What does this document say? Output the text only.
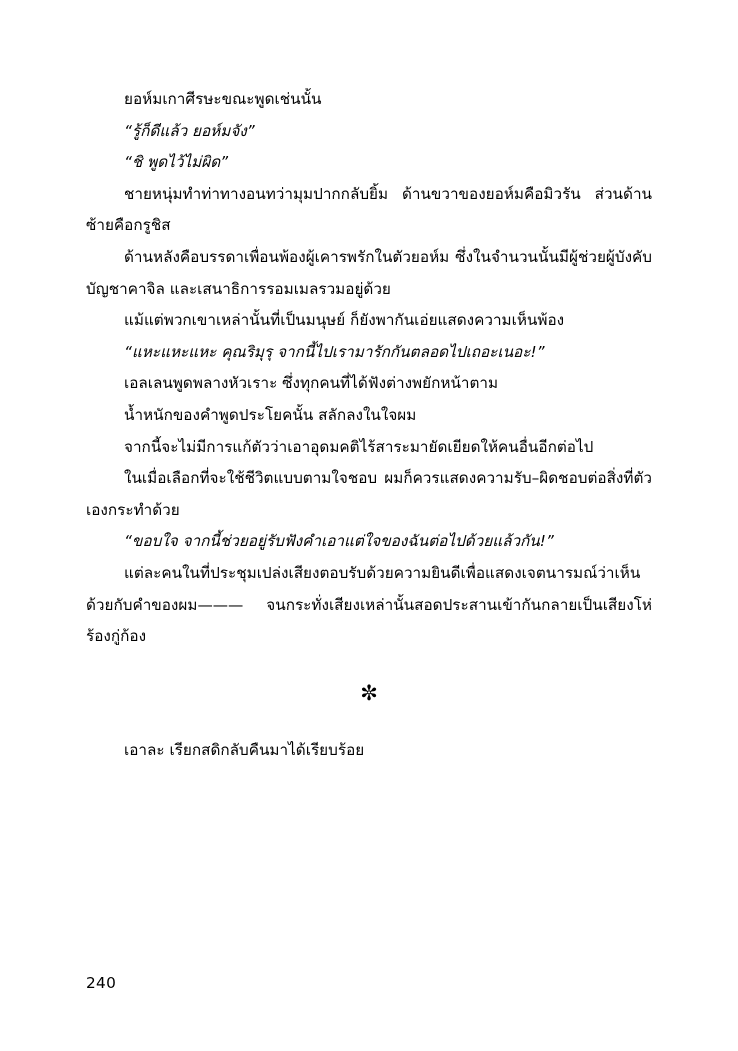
ยอห์มเกาศีรษะขณะพูดเช่นนั้น

“รู้ก็ดีแล้ว ยอห์มจัง”

“ชิ พูดไว้ไม่ผิด”

ชายหนุ่มทำท่าทางอนทว่ามุมปากกลับยิ้ม ด้านขวาของยอห์มคือมิวรัน ส่วนด้านซ้ายคือกรูชิส

ด้านหลังคือบรรดาเพื่อนพ้องผู้เคารพรักในตัวยอห์ม ซึ่งในจำนวนนั้นมีผู้ช่วยผู้บังคับบัญชาคาจิล และเสนาธิการรอมเมลรวมอยู่ด้วย

แม้แต่พวกเขาเหล่านั้นที่เป็นมนุษย์ ก็ยังพากันเอ่ยแสดงความเห็นพ้อง

“แหะแหะแหะ คุณริมุรุ จากนี้ไปเรามารักกันตลอดไปเถอะเนอะ!”

เอลเลนพูดพลางหัวเราะ ซึ่งทุกคนที่ได้ฟังต่างพยักหน้าตาม

น้ำหนักของคำพูดประโยคนั้น สลักลงในใจผม

จากนี้จะไม่มีการแก้ตัวว่าเอาอุดมคติไร้สาระมายัดเยียดให้คนอื่นอีกต่อไป

ในเมื่อเลือกที่จะใช้ชีวิตแบบตามใจชอบ ผมก็ควรแสดงความรับ–ผิดชอบต่อสิ่งที่ตัวเองกระทำด้วย

“ขอบใจ จากนี้ช่วยอยู่รับฟังคำเอาแต่ใจของฉันต่อไปด้วยแล้วกัน!”

แต่ละคนในที่ประชุมเปล่งเสียงตอบรับด้วยความยินดีเพื่อแสดงเจตนารมณ์ว่าเห็นด้วยกับคำของผม——— จนกระทั่งเสียงเหล่านั้นสอดประสานเข้ากันกลายเป็นเสียงโห่ร้องกู่ก้อง

✼

เอาละ เรียกสดิกลับคืนมาได้เรียบร้อย

240
